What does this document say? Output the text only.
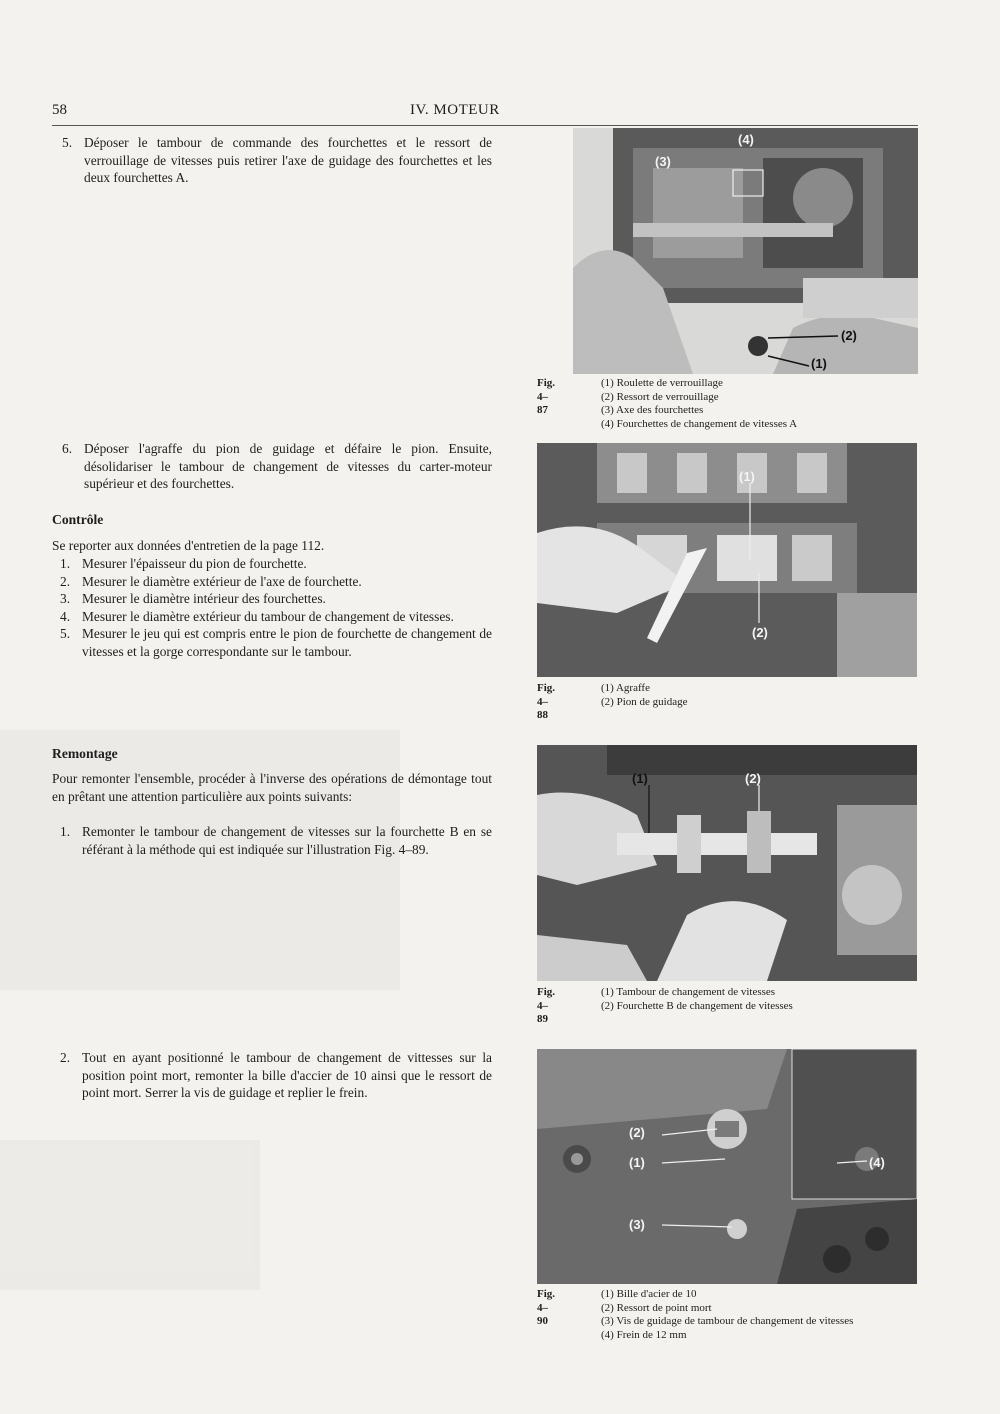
58	IV. MOTEUR
5. Déposer le tambour de commande des fourchettes et le ressort de verrouillage de vitesses puis retirer l'axe de guidage des fourchettes et les deux fourchettes A.
6. Déposer l'agraffe du pion de guidage et défaire le pion. Ensuite, désolidariser le tambour de changement de vitesses du carter-moteur supérieur et des fourchettes.
Contrôle
Se reporter aux données d'entretien de la page 112.
1. Mesurer l'épaisseur du pion de fourchette.
2. Mesurer le diamètre extérieur de l'axe de fourchette.
3. Mesurer le diamètre intérieur des fourchettes.
4. Mesurer le diamètre extérieur du tambour de changement de vitesses.
5. Mesurer le jeu qui est compris entre le pion de fourchette de changement de vitesses et la gorge correspondante sur le tambour.
Remontage
Pour remonter l'ensemble, procéder à l'inverse des opérations de démontage tout en prêtant une attention particulière aux points suivants:
1. Remonter le tambour de changement de vitesses sur la fourchette B en se référant à la méthode qui est indiquée sur l'illustration Fig. 4–89.
2. Tout en ayant positionné le tambour de changement de vittesses sur la position point mort, remonter la bille d'accier de 10 ainsi que le ressort de point mort. Serrer la vis de guidage et replier le frein.
(4)
(3)
(2)
(1)
Fig. 4–87
(1) Roulette de verrouillage
(2) Ressort de verrouillage
(3) Axe des fourchettes
(4) Fourchettes de changement de vitesses A
(1)
(2)
Fig. 4–88
(1) Agraffe
(2) Pion de guidage
(1)	(2)
Fig. 4–89
(1) Tambour de changement de vitesses
(2) Fourchette B de changement de vitesses
(2)
(1)
(3)
(4)
Fig. 4–90
(1) Bille d'acier de 10
(2) Ressort de point mort
(3) Vis de guidage de tambour de changement de vitesses
(4) Frein de 12 mm
